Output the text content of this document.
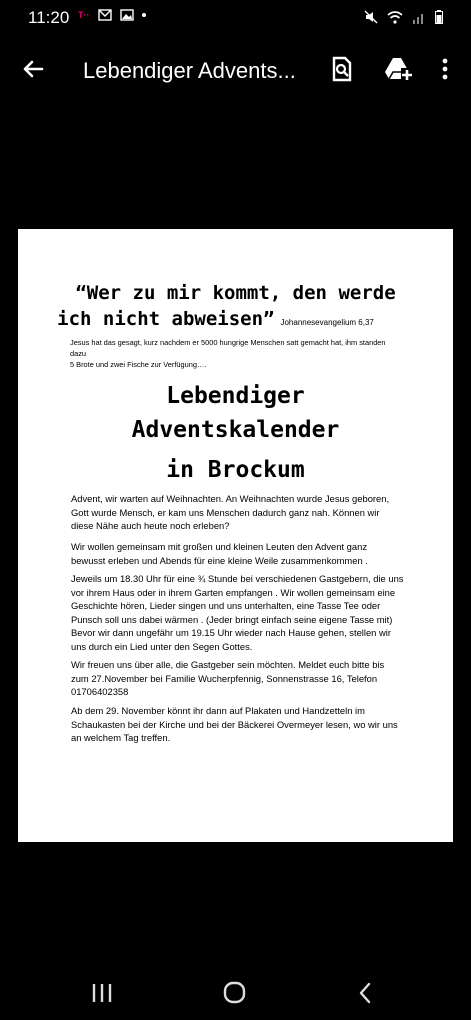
11:20 T··
Lebendiger Advents...
“Wer zu mir kommt, den werde
ich nicht abweisen” Johannesevangelium 6,37
Jesus hat das gesagt, kurz nachdem er 5000 hungrige Menschen satt gemacht hat, ihm standen dazu
5 Brote und zwei Fische zur Verfügung….
Lebendiger
Adventskalender
in Brockum
Advent, wir warten auf Weihnachten. An Weihnachten wurde Jesus geboren,
Gott wurde Mensch, er kam uns Menschen dadurch ganz nah. Können wir
diese Nähe auch heute noch erleben?
Wir wollen gemeinsam mit großen und kleinen Leuten den Advent ganz
bewusst erleben und Abends für eine kleine Weile zusammenkommen .
Jeweils um 18.30 Uhr für eine ¾ Stunde bei verschiedenen Gastgebern, die uns
vor ihrem Haus oder in ihrem Garten empfangen . Wir wollen gemeinsam eine
Geschichte hören, Lieder singen und uns unterhalten, eine Tasse Tee oder
Punsch soll uns dabei wärmen . (Jeder bringt einfach seine eigene Tasse mit)
Bevor wir dann ungefähr um 19.15 Uhr wieder nach Hause gehen, stellen wir
uns durch ein Lied unter den Segen Gottes.
Wir freuen uns über alle, die Gastgeber sein möchten. Meldet euch bitte bis
zum 27.November bei Familie Wucherpfennig, Sonnenstrasse 16, Telefon
01706402358
Ab dem 29. November könnt ihr dann auf Plakaten und Handzetteln im
Schaukasten bei der Kirche und bei der Bäckerei Overmeyer lesen, wo wir uns
an welchem Tag treffen.
